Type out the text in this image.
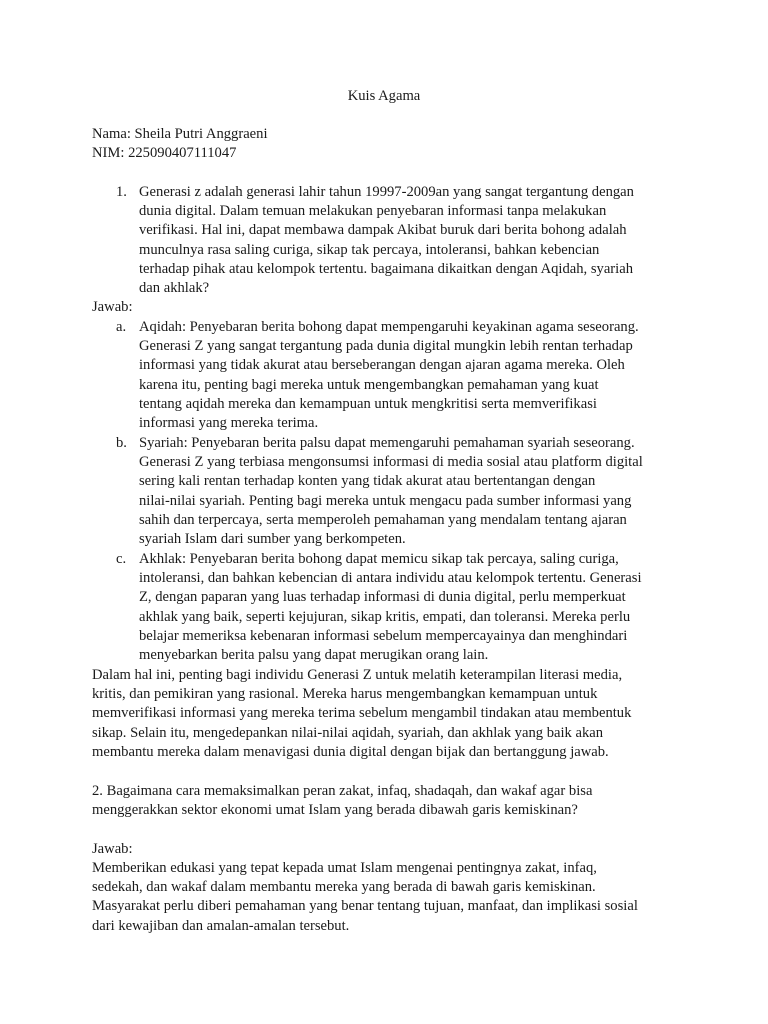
Kuis Agama
Nama: Sheila Putri Anggraeni
NIM: 225090407111047
1. Generasi z adalah generasi lahir tahun 19997-2009an yang sangat tergantung dengan
dunia digital. Dalam temuan melakukan penyebaran informasi tanpa melakukan
verifikasi. Hal ini, dapat membawa dampak Akibat buruk dari berita bohong adalah
munculnya rasa saling curiga, sikap tak percaya, intoleransi, bahkan kebencian
terhadap pihak atau kelompok tertentu. bagaimana dikaitkan dengan Aqidah, syariah
dan akhlak?
Jawab:
a. Aqidah: Penyebaran berita bohong dapat mempengaruhi keyakinan agama seseorang.
Generasi Z yang sangat tergantung pada dunia digital mungkin lebih rentan terhadap
informasi yang tidak akurat atau berseberangan dengan ajaran agama mereka. Oleh
karena itu, penting bagi mereka untuk mengembangkan pemahaman yang kuat
tentang aqidah mereka dan kemampuan untuk mengkritisi serta memverifikasi
informasi yang mereka terima.
b. Syariah: Penyebaran berita palsu dapat memengaruhi pemahaman syariah seseorang.
Generasi Z yang terbiasa mengonsumsi informasi di media sosial atau platform digital
sering kali rentan terhadap konten yang tidak akurat atau bertentangan dengan
nilai-nilai syariah. Penting bagi mereka untuk mengacu pada sumber informasi yang
sahih dan terpercaya, serta memperoleh pemahaman yang mendalam tentang ajaran
syariah Islam dari sumber yang berkompeten.
c. Akhlak: Penyebaran berita bohong dapat memicu sikap tak percaya, saling curiga,
intoleransi, dan bahkan kebencian di antara individu atau kelompok tertentu. Generasi
Z, dengan paparan yang luas terhadap informasi di dunia digital, perlu memperkuat
akhlak yang baik, seperti kejujuran, sikap kritis, empati, dan toleransi. Mereka perlu
belajar memeriksa kebenaran informasi sebelum mempercayainya dan menghindari
menyebarkan berita palsu yang dapat merugikan orang lain.
Dalam hal ini, penting bagi individu Generasi Z untuk melatih keterampilan literasi media,
kritis, dan pemikiran yang rasional. Mereka harus mengembangkan kemampuan untuk
memverifikasi informasi yang mereka terima sebelum mengambil tindakan atau membentuk
sikap. Selain itu, mengedepankan nilai-nilai aqidah, syariah, dan akhlak yang baik akan
membantu mereka dalam menavigasi dunia digital dengan bijak dan bertanggung jawab.
2. Bagaimana cara memaksimalkan peran zakat, infaq, shadaqah, dan wakaf agar bisa
menggerakkan sektor ekonomi umat Islam yang berada dibawah garis kemiskinan?
Jawab:
Memberikan edukasi yang tepat kepada umat Islam mengenai pentingnya zakat, infaq,
sedekah, dan wakaf dalam membantu mereka yang berada di bawah garis kemiskinan.
Masyarakat perlu diberi pemahaman yang benar tentang tujuan, manfaat, dan implikasi sosial
dari kewajiban dan amalan-amalan tersebut.
